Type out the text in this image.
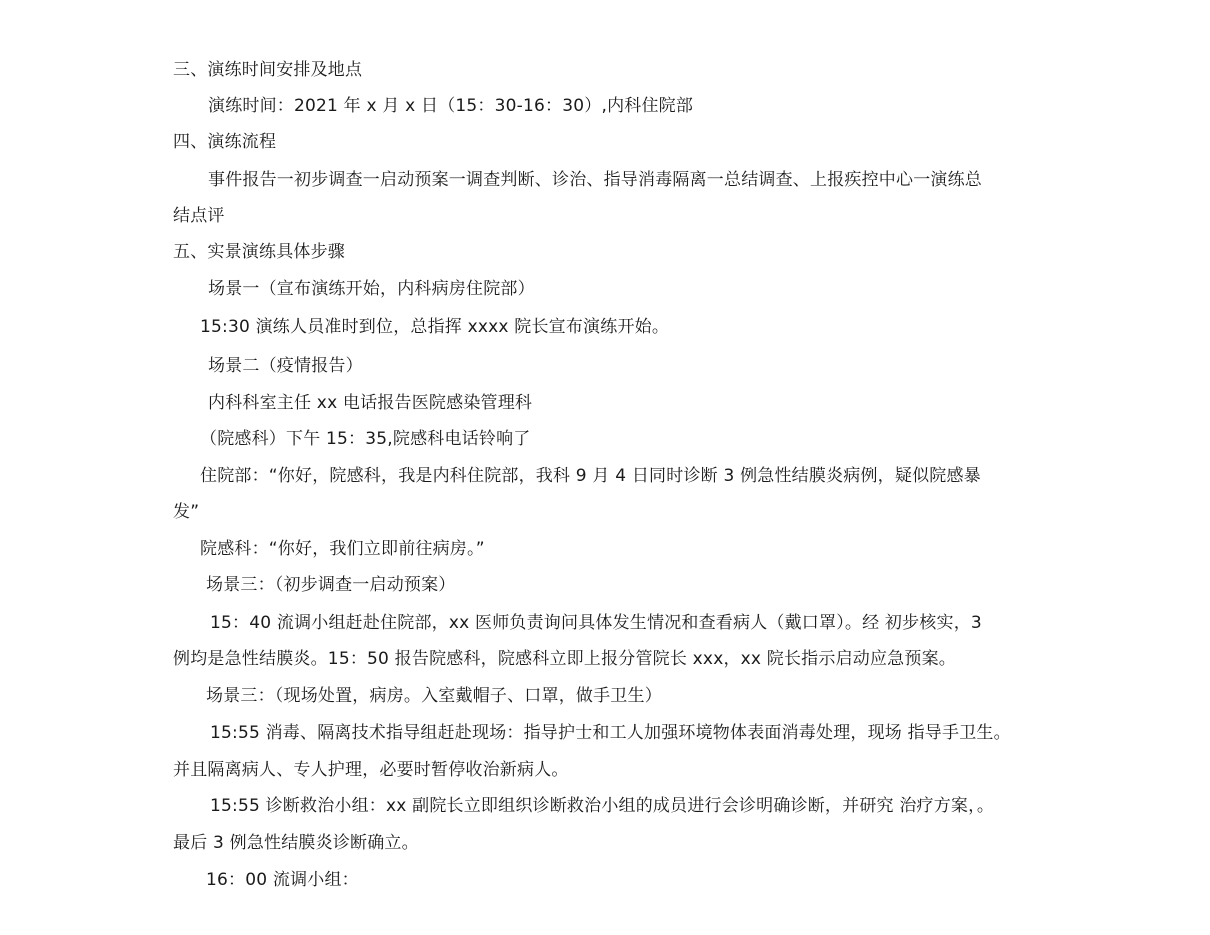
三、演练时间安排及地点
演练时间：2021 年 x 月 x 日（15：30-16：30）,内科住院部
四、演练流程
事件报告一初步调查一启动预案一调查判断、诊治、指导消毒隔离一总结调查、上报疾控中心一演练总
结点评
五、实景演练具体步骤
场景一（宣布演练开始，内科病房住院部）
15:30 演练人员准时到位，总指挥 xxxx 院长宣布演练开始。
场景二（疫情报告）
内科科室主任 xx 电话报告医院感染管理科
（院感科）下午 15：35,院感科电话铃响了
住院部：“你好，院感科，我是内科住院部，我科 9 月 4 日同时诊断 3 例急性结膜炎病例，疑似院感暴
发”
院感科：“你好，我们立即前往病房。”
场景三：（初步调查一启动预案）
15：40 流调小组赶赴住院部，xx 医师负责询问具体发生情况和查看病人（戴口罩）。经 初步核实，3
例均是急性结膜炎。15：50 报告院感科，院感科立即上报分管院长 xxx，xx 院长指示启动应急预案。
场景三：（现场处置，病房。入室戴帽子、口罩，做手卫生）
15:55 消毒、隔离技术指导组赶赴现场：指导护士和工人加强环境物体表面消毒处理，现场 指导手卫生。
并且隔离病人、专人护理，必要时暂停收治新病人。
15:55 诊断救治小组：xx 副院长立即组织诊断救治小组的成员进行会诊明确诊断，并研究 治疗方案，。
最后 3 例急性结膜炎诊断确立。
16：00 流调小组：
